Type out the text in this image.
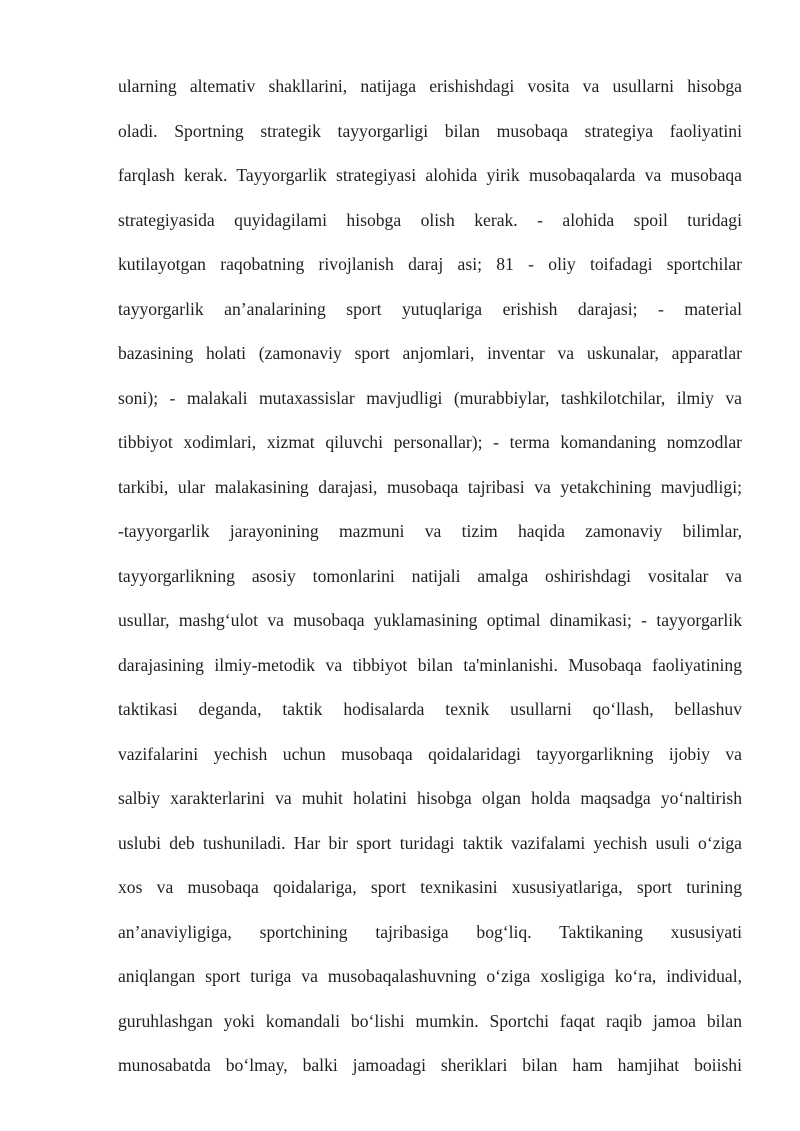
ularning altemativ shakllarini, natijaga erishishdagi vosita va usullarni hisobga
oladi. Sportning strategik tayyorgarligi bilan musobaqa strategiya faoliyatini
farqlash kerak. Tayyorgarlik strategiyasi alohida yirik musobaqalarda va musobaqa
strategiyasida quyidagilami hisobga olish kerak. - alohida spoil turidagi
kutilayotgan raqobatning rivojlanish daraj asi; 81 - oliy toifadagi sportchilar
tayyorgarlik an’analarining sport yutuqlariga erishish darajasi; - material
bazasining holati (zamonaviy sport anjomlari, inventar va uskunalar, apparatlar
soni); - malakali mutaxassislar mavjudligi (murabbiylar, tashkilotchilar, ilmiy va
tibbiyot xodimlari, xizmat qiluvchi personallar); - terma komandaning nomzodlar
tarkibi, ular malakasining darajasi, musobaqa tajribasi va yetakchining mavjudligi;
-tayyorgarlik jarayonining mazmuni va tizim haqida zamonaviy bilimlar,
tayyorgarlikning asosiy tomonlarini natijali amalga oshirishdagi vositalar va
usullar, mashg‘ulot va musobaqa yuklamasining optimal dinamikasi; - tayyorgarlik
darajasining ilmiy-metodik va tibbiyot bilan ta'minlanishi. Musobaqa faoliyatining
taktikasi deganda, taktik hodisalarda texnik usullarni qo‘llash, bellashuv
vazifalarini yechish uchun musobaqa qoidalaridagi tayyorgarlikning ijobiy va
salbiy xarakterlarini va muhit holatini hisobga olgan holda maqsadga yo‘naltirish
uslubi deb tushuniladi. Har bir sport turidagi taktik vazifalami yechish usuli o‘ziga
xos va musobaqa qoidalariga, sport texnikasini xususiyatlariga, sport turining
an’anaviyligiga, sportchining tajribasiga bog‘liq. Taktikaning xususiyati
aniqlangan sport turiga va musobaqalashuvning o‘ziga xosligiga ko‘ra, individual,
guruhlashgan yoki komandali bo‘lishi mumkin. Sportchi faqat raqib jamoa bilan
munosabatda bo‘lmay, balki jamoadagi sheriklari bilan ham hamjihat boiishi
